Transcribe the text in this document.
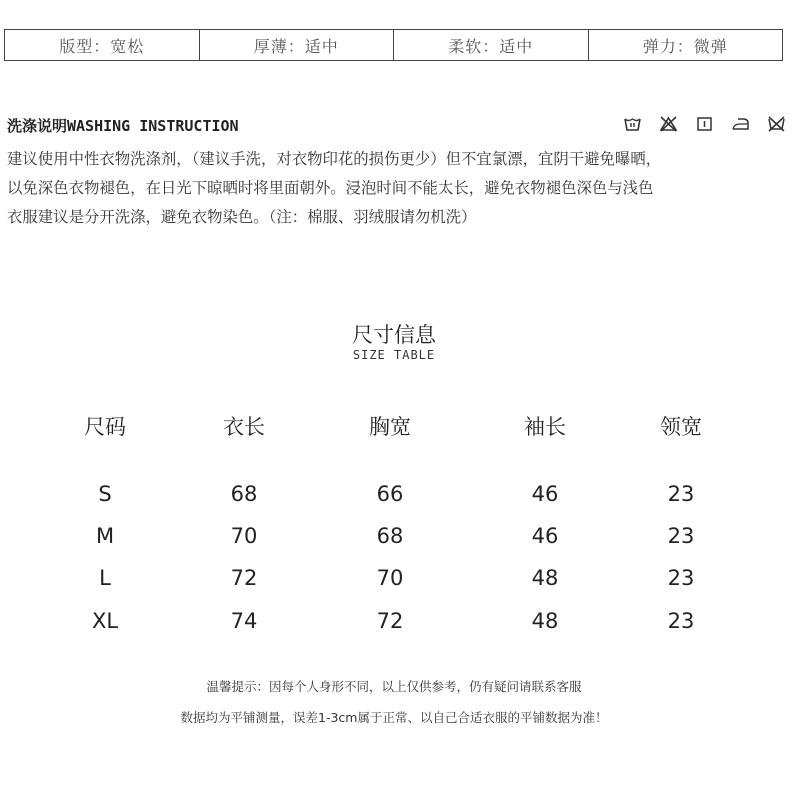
版型：宽松	厚薄：适中	柔软：适中	弹力：微弹
洗涤说明WASHING INSTRUCTION
建议使用中性衣物洗涤剂，（建议手洗，对衣物印花的损伤更少）但不宜氯漂，宜阴干避免曝晒，
以免深色衣物褪色，在日光下晾晒时将里面朝外。浸泡时间不能太长，避免衣物褪色深色与浅色
衣服建议是分开洗涤，避免衣物染色。（注：棉服、羽绒服请勿机洗）
尺寸信息
SIZE TABLE
尺码	衣长	胸宽	袖长	领宽
S	68	66	46	23
M	70	68	46	23
L	72	70	48	23
XL	74	72	48	23
温馨提示：因每个人身形不同，以上仅供参考，仍有疑问请联系客服
数据均为平铺测量，误差1-3cm属于正常、以自己合适衣服的平铺数据为准！
